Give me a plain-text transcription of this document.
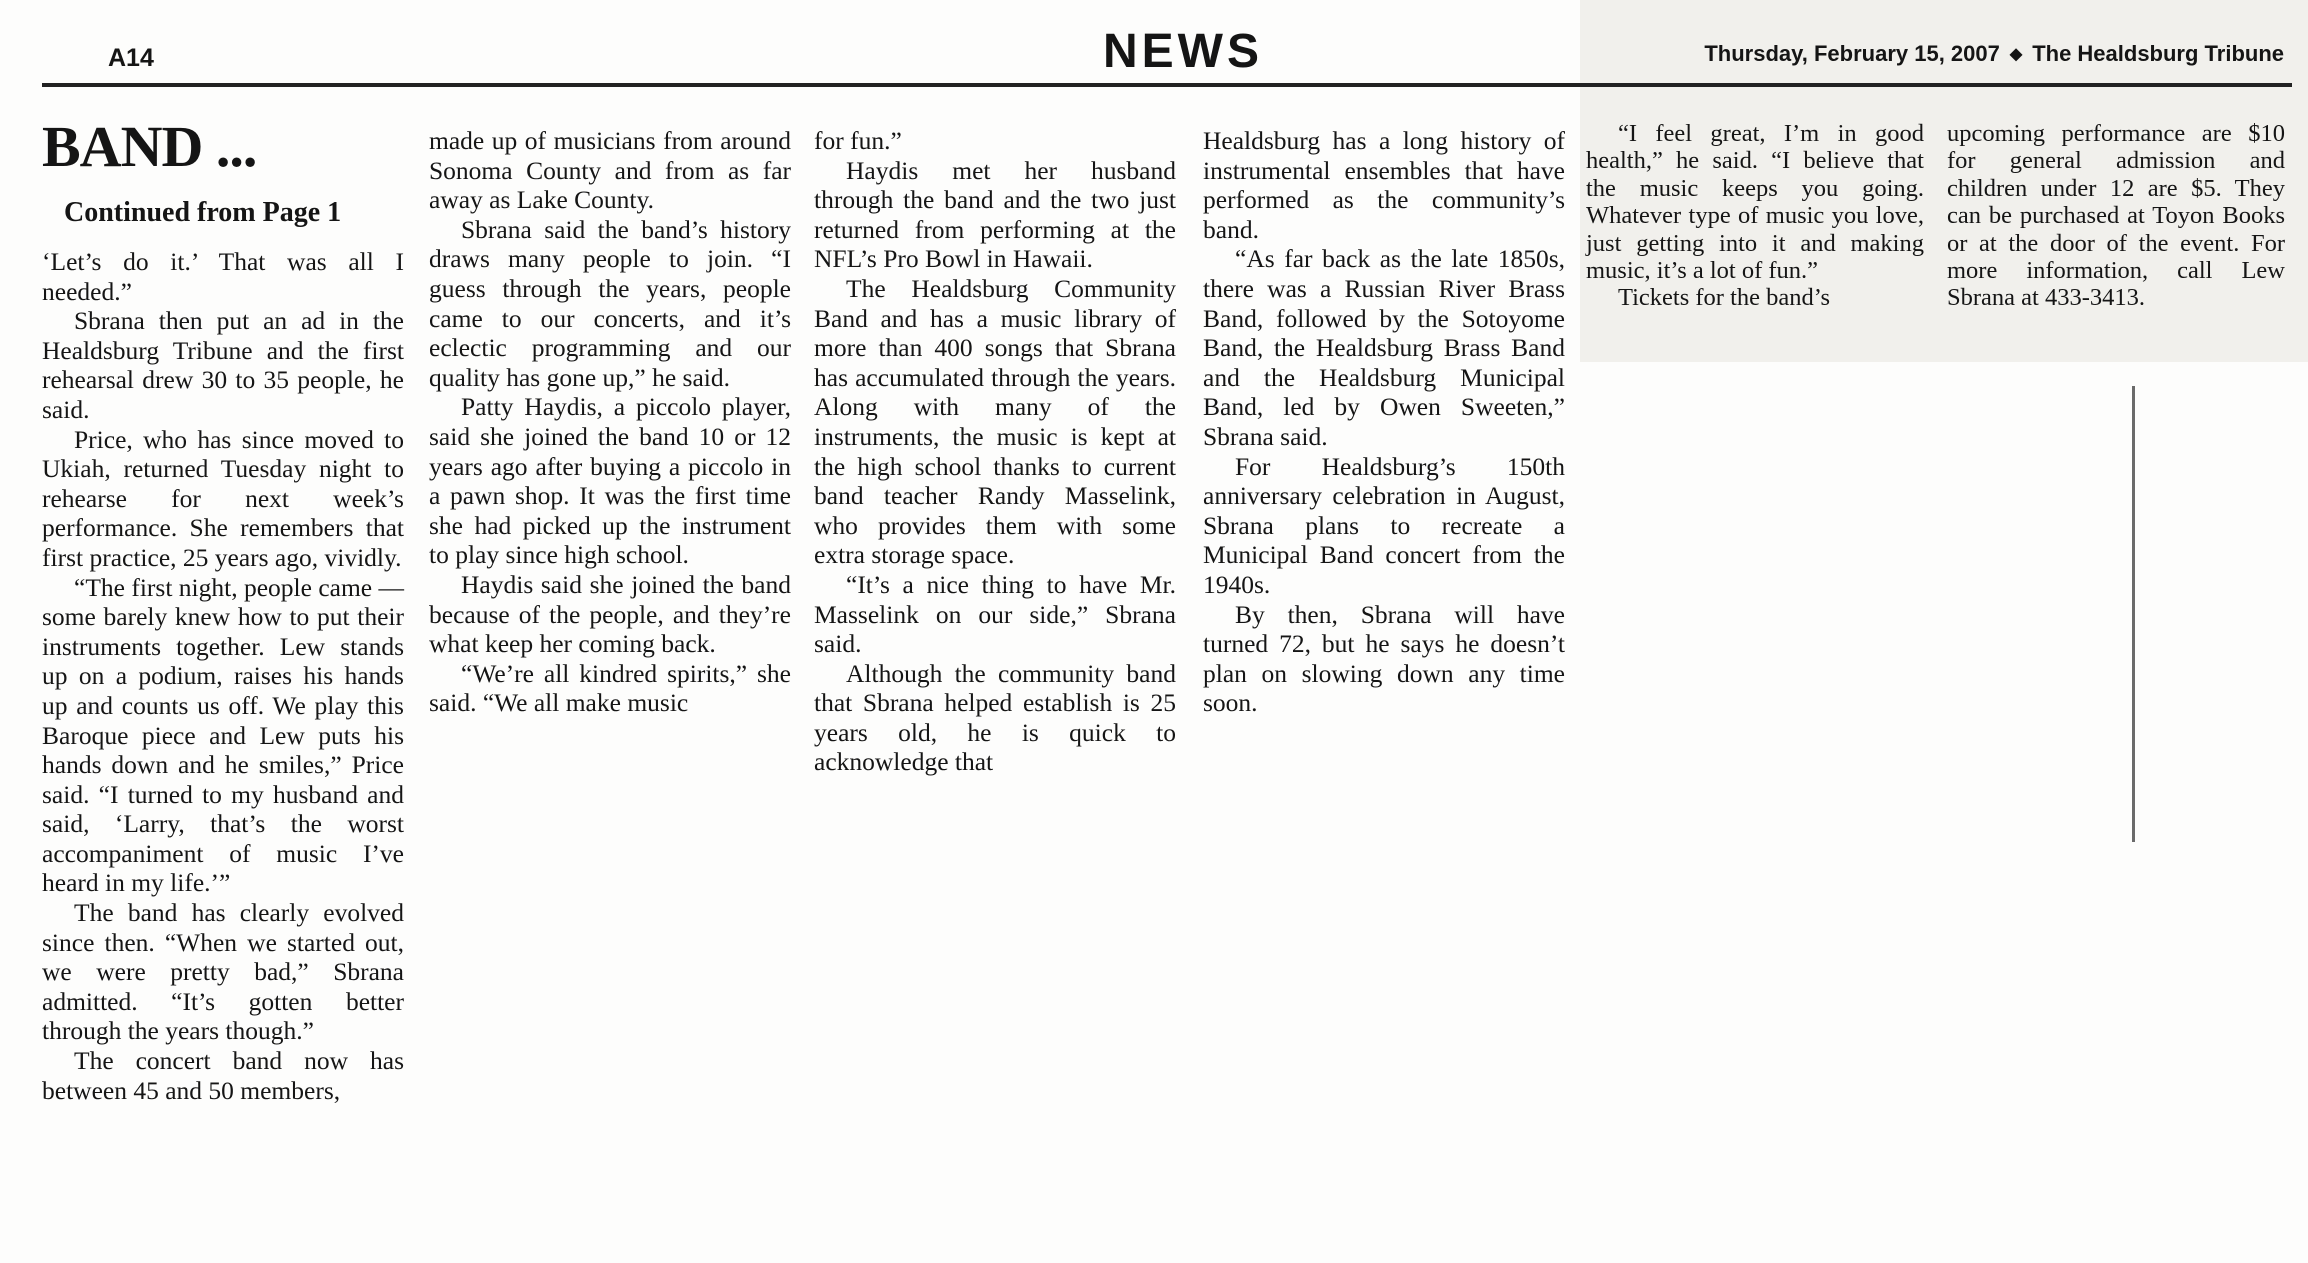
A14	NEWS	Thursday, February 15, 2007 ◆ The Healdsburg Tribune
BAND ...
Continued from Page 1

‘Let’s do it.’ That was all I needed.”

Sbrana then put an ad in the Healdsburg Tribune and the first rehearsal drew 30 to 35 people, he said.

Price, who has since moved to Ukiah, returned Tuesday night to rehearse for next week’s performance. She remembers that first practice, 25 years ago, vividly.

“The first night, people came — some barely knew how to put their instruments together. Lew stands up on a podium, raises his hands up and counts us off. We play this Baroque piece and Lew puts his hands down and he smiles,” Price said. “I turned to my husband and said, ‘Larry, that’s the worst accompaniment of music I’ve heard in my life.’”

The band has clearly evolved since then. “When we started out, we were pretty bad,” Sbrana admitted. “It’s gotten better through the years though.”

The concert band now has between 45 and 50 members,

made up of musicians from around Sonoma County and from as far away as Lake County.

Sbrana said the band’s history draws many people to join. “I guess through the years, people came to our concerts, and it’s eclectic programming and our quality has gone up,” he said.

Patty Haydis, a piccolo player, said she joined the band 10 or 12 years ago after buying a piccolo in a pawn shop. It was the first time she had picked up the instrument to play since high school.

Haydis said she joined the band because of the people, and they’re what keep her coming back.

“We’re all kindred spirits,” she said. “We all make music

for fun.”

Haydis met her husband through the band and the two just returned from performing at the NFL’s Pro Bowl in Hawaii.

The Healdsburg Community Band and has a music library of more than 400 songs that Sbrana has accumulated through the years. Along with many of the instruments, the music is kept at the high school thanks to current band teacher Randy Masselink, who provides them with some extra storage space.

“It’s a nice thing to have Mr. Masselink on our side,” Sbrana said.

Although the community band that Sbrana helped establish is 25 years old, he is quick to acknowledge that

Healdsburg has a long history of instrumental ensembles that have performed as the community’s band.

“As far back as the late 1850s, there was a Russian River Brass Band, followed by the Sotoyome Band, the Healdsburg Brass Band and the Healdsburg Municipal Band, led by Owen Sweeten,” Sbrana said.

For Healdsburg’s 150th anniversary celebration in August, Sbrana plans to recreate a Municipal Band concert from the 1940s.

By then, Sbrana will have turned 72, but he says he doesn’t plan on slowing down any time soon.

“I feel great, I’m in good health,” he said. “I believe that the music keeps you going. Whatever type of music you love, just getting into it and making music, it’s a lot of fun.”

Tickets for the band’s

upcoming performance are $10 for general admission and children under 12 are $5. They can be purchased at Toyon Books or at the door of the event. For more information, call Lew Sbrana at 433-3413.
